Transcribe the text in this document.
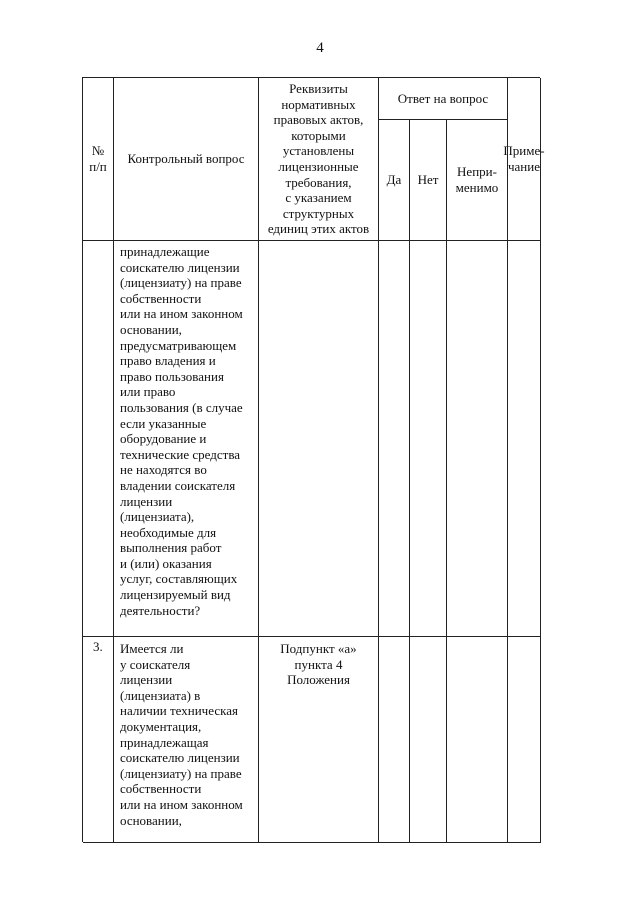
4
№
п/п
Контрольный вопрос
Реквизиты
нормативных
правовых актов,
которыми
установлены
лицензионные
требования,
с указанием
структурных
единиц этих актов
Ответ на вопрос
Да	Нет
Непри-
менимо
Приме-
чание
принадлежащие
соискателю лицензии
(лицензиату) на праве
собственности
или на ином законном
основании,
предусматривающем
право владения и
право пользования
или право
пользования (в случае
если указанные
оборудование и
технические средства
не находятся во
владении соискателя
лицензии
(лицензиата),
необходимые для
выполнения работ
и (или) оказания
услуг, составляющих
лицензируемый вид
деятельности?
3.	Имеется ли
у соискателя
лицензии
(лицензиата) в
наличии техническая
документация,
принадлежащая
соискателю лицензии
(лицензиату) на праве
собственности
или на ином законном
основании,
Подпункт «а»
пункта 4
Положения
